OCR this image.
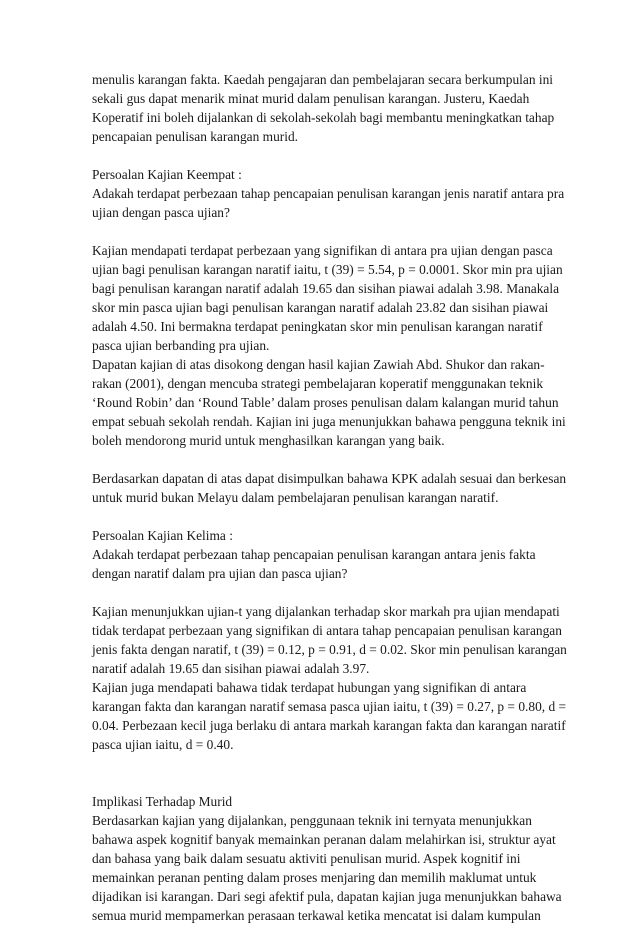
menulis karangan fakta. Kaedah pengajaran dan pembelajaran secara berkumpulan ini
sekali gus dapat menarik minat murid dalam penulisan karangan. Justeru, Kaedah
Koperatif ini boleh dijalankan di sekolah-sekolah bagi membantu meningkatkan tahap
pencapaian penulisan karangan murid.
Persoalan Kajian Keempat :
Adakah terdapat perbezaan tahap pencapaian penulisan karangan jenis naratif antara pra
ujian dengan pasca ujian?
Kajian mendapati terdapat perbezaan yang signifikan di antara pra ujian dengan pasca
ujian bagi penulisan karangan naratif iaitu, t (39) = 5.54, p = 0.0001. Skor min pra ujian
bagi penulisan karangan naratif adalah 19.65 dan sisihan piawai adalah 3.98. Manakala
skor min pasca ujian bagi penulisan karangan naratif adalah 23.82 dan sisihan piawai
adalah 4.50. Ini bermakna terdapat peningkatan skor min penulisan karangan naratif
pasca ujian berbanding pra ujian.
Dapatan kajian di atas disokong dengan hasil kajian Zawiah Abd. Shukor dan rakan-
rakan (2001), dengan mencuba strategi pembelajaran koperatif menggunakan teknik
‘Round Robin’ dan ‘Round Table’ dalam proses penulisan dalam kalangan murid tahun
empat sebuah sekolah rendah. Kajian ini juga menunjukkan bahawa pengguna teknik ini
boleh mendorong murid untuk menghasilkan karangan yang baik.
Berdasarkan dapatan di atas dapat disimpulkan bahawa KPK adalah sesuai dan berkesan
untuk murid bukan Melayu dalam pembelajaran penulisan karangan naratif.
Persoalan Kajian Kelima :
Adakah terdapat perbezaan tahap pencapaian penulisan karangan antara jenis fakta
dengan naratif dalam pra ujian dan pasca ujian?
Kajian menunjukkan ujian-t yang dijalankan terhadap skor markah pra ujian mendapati
tidak terdapat perbezaan yang signifikan di antara tahap pencapaian penulisan karangan
jenis fakta dengan naratif, t (39) = 0.12, p = 0.91, d = 0.02. Skor min penulisan karangan
naratif adalah 19.65 dan sisihan piawai adalah 3.97.
Kajian juga mendapati bahawa tidak terdapat hubungan yang signifikan di antara
karangan fakta dan karangan naratif semasa pasca ujian iaitu, t (39) = 0.27, p = 0.80, d =
0.04. Perbezaan kecil juga berlaku di antara markah karangan fakta dan karangan naratif
pasca ujian iaitu, d = 0.40.
Implikasi Terhadap Murid
Berdasarkan kajian yang dijalankan, penggunaan teknik ini ternyata menunjukkan
bahawa aspek kognitif banyak memainkan peranan dalam melahirkan isi, struktur ayat
dan bahasa yang baik dalam sesuatu aktiviti penulisan murid. Aspek kognitif ini
memainkan peranan penting dalam proses menjaring dan memilih maklumat untuk
dijadikan isi karangan. Dari segi afektif pula, dapatan kajian juga menunjukkan bahawa
semua murid mempamerkan perasaan terkawal ketika mencatat isi dalam kumpulan
